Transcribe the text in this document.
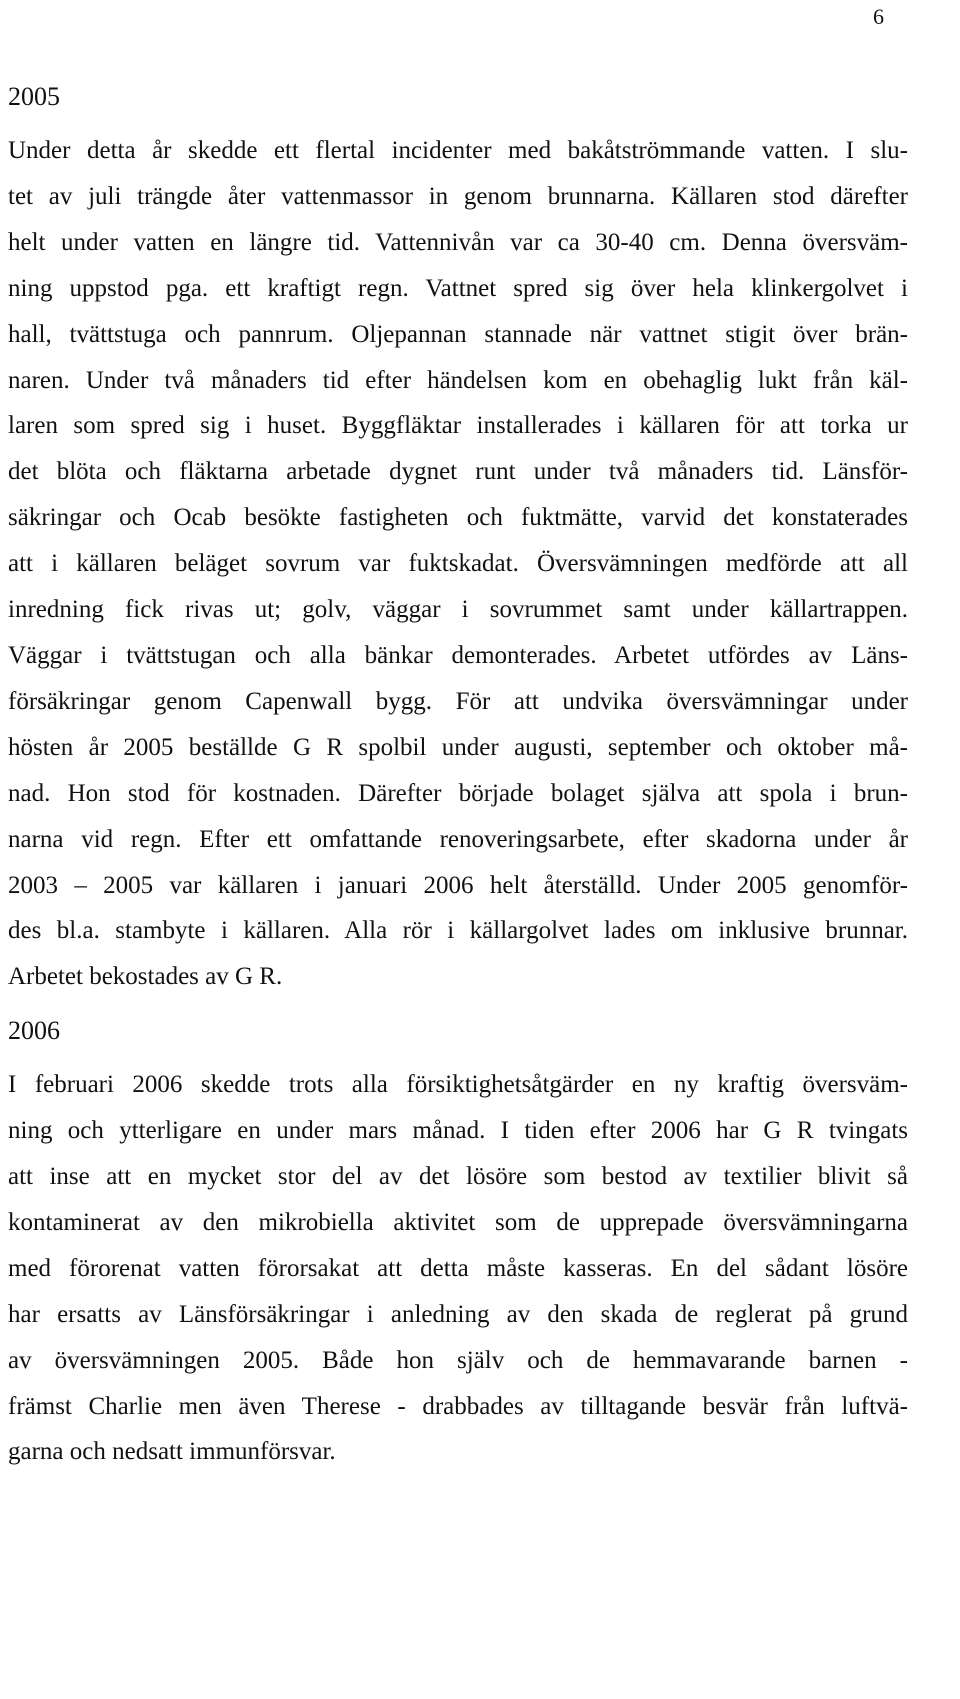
6
2005
Under detta år skedde ett flertal incidenter med bakåtströmmande vatten. I slu-
tet av juli trängde åter vattenmassor in genom brunnarna. Källaren stod därefter
helt under vatten en längre tid. Vattennivån var ca 30-40 cm. Denna översväm-
ning uppstod pga. ett kraftigt regn. Vattnet spred sig över hela klinkergolvet i
hall, tvättstuga och pannrum. Oljepannan stannade när vattnet stigit över brän-
naren. Under två månaders tid efter händelsen kom en obehaglig lukt från käl-
laren som spred sig i huset. Byggfläktar installerades i källaren för att torka ur
det blöta och fläktarna arbetade dygnet runt under två månaders tid. Länsför-
säkringar och Ocab besökte fastigheten och fuktmätte, varvid det konstaterades
att i källaren beläget sovrum var fuktskadat. Översvämningen medförde att all
inredning fick rivas ut; golv, väggar i sovrummet samt under källartrappen.
Väggar i tvättstugan och alla bänkar demonterades. Arbetet utfördes av Läns-
försäkringar genom Capenwall bygg. För att undvika översvämningar under
hösten år 2005 beställde G R spolbil under augusti, september och oktober må-
nad. Hon stod för kostnaden. Därefter började bolaget själva att spola i brun-
narna vid regn. Efter ett omfattande renoveringsarbete, efter skadorna under år
2003 – 2005 var källaren i januari 2006 helt återställd. Under 2005 genomför-
des bl.a. stambyte i källaren. Alla rör i källargolvet lades om inklusive brunnar.
Arbetet bekostades av G R.
2006
I februari 2006 skedde trots alla försiktighetsåtgärder en ny kraftig översväm-
ning och ytterligare en under mars månad. I tiden efter 2006 har G R tvingats
att inse att en mycket stor del av det lösöre som bestod av textilier blivit så
kontaminerat av den mikrobiella aktivitet som de upprepade översvämningarna
med förorenat vatten förorsakat att detta måste kasseras. En del sådant lösöre
har ersatts av Länsförsäkringar i anledning av den skada de reglerat på grund
av översvämningen 2005. Både hon själv och de hemmavarande barnen -
främst Charlie men även Therese - drabbades av tilltagande besvär från luftvä-
garna och nedsatt immunförsvar.
